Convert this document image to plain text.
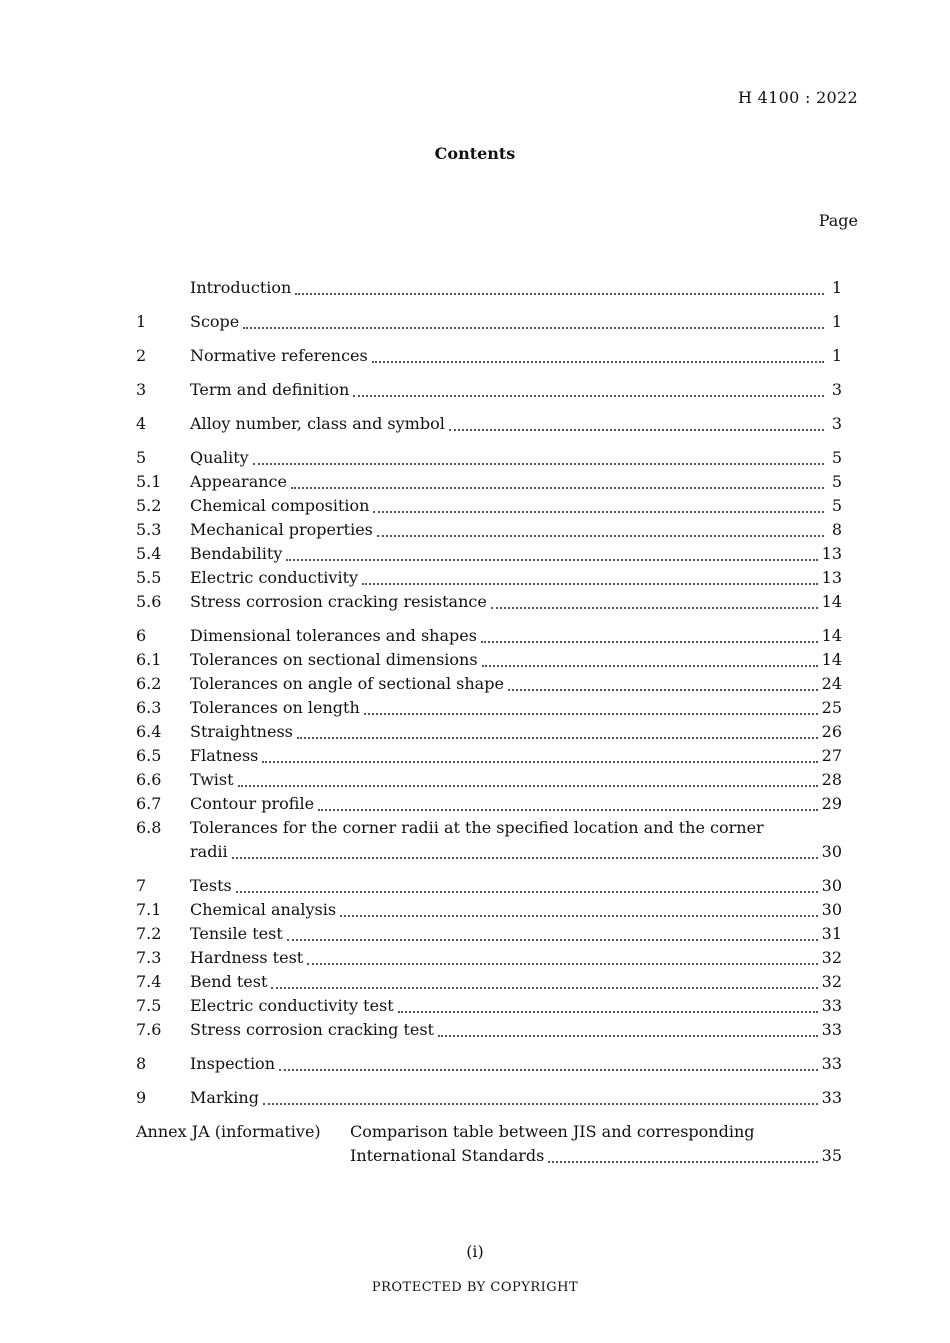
H 4100 : 2022
Contents
Page
Introduction	1
1	Scope	1
2	Normative references	1
3	Term and definition	3
4	Alloy number, class and symbol	3
5	Quality	5
5.1	Appearance	5
5.2	Chemical composition	5
5.3	Mechanical properties	8
5.4	Bendability	13
5.5	Electric conductivity	13
5.6	Stress corrosion cracking resistance	14
6	Dimensional tolerances and shapes	14
6.1	Tolerances on sectional dimensions	14
6.2	Tolerances on angle of sectional shape	24
6.3	Tolerances on length	25
6.4	Straightness	26
6.5	Flatness	27
6.6	Twist	28
6.7	Contour profile	29
6.8	Tolerances for the corner radii at the specified location and the corner
radii	30
7	Tests	30
7.1	Chemical analysis	30
7.2	Tensile test	31
7.3	Hardness test	32
7.4	Bend test	32
7.5	Electric conductivity test	33
7.6	Stress corrosion cracking test	33
8	Inspection	33
9	Marking	33
Annex JA (informative)	Comparison table between JIS and corresponding
International Standards	35
(i)
PROTECTED BY COPYRIGHT
